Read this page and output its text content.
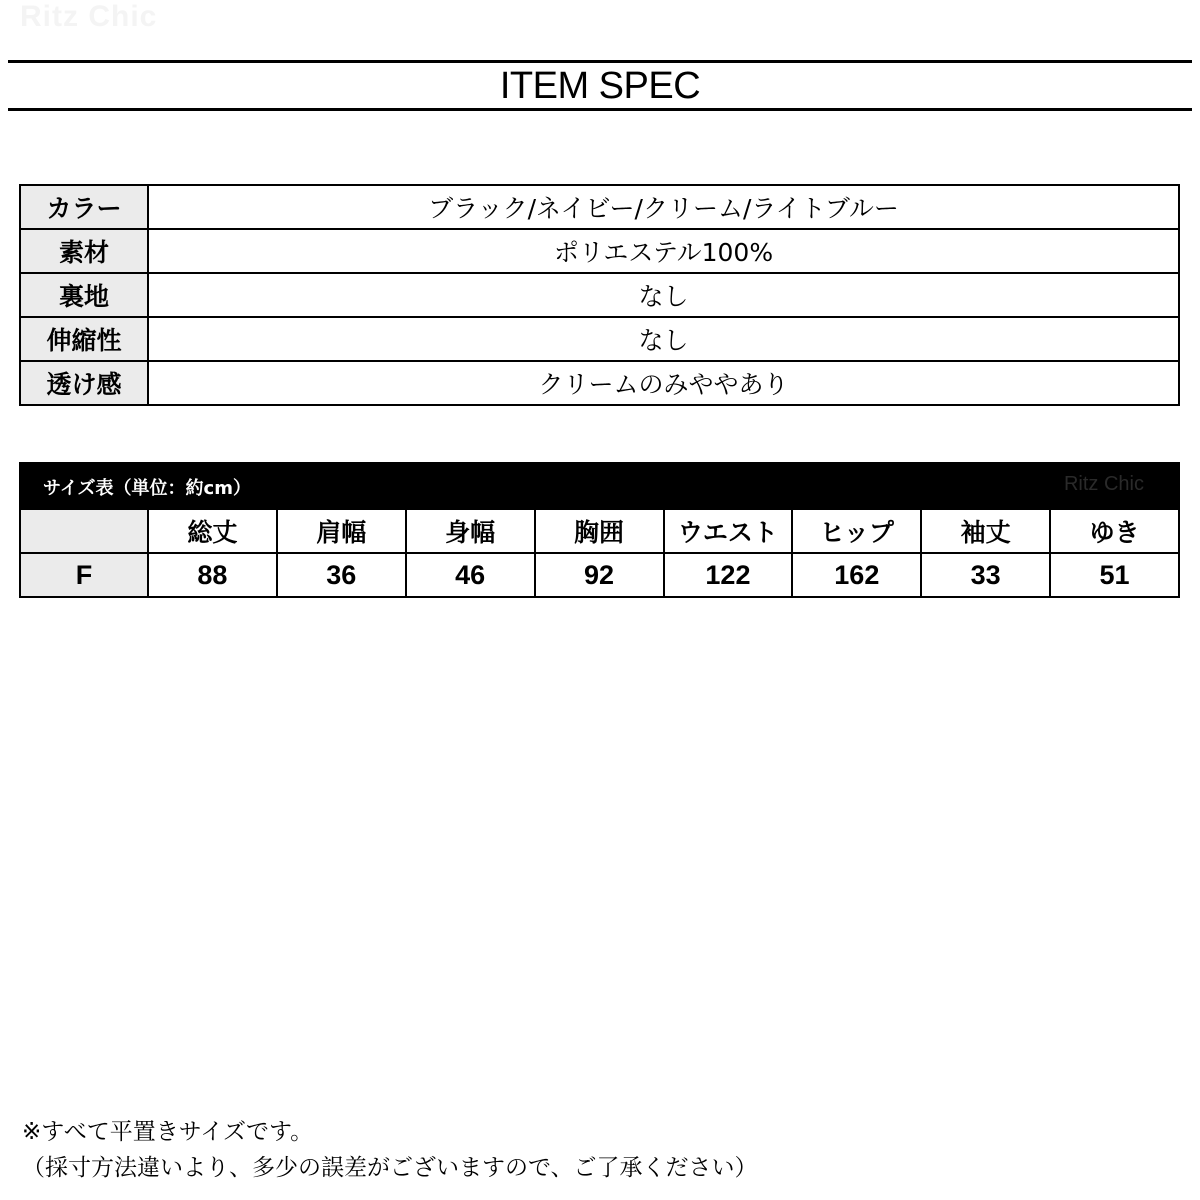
Ritz Chic
ITEM SPEC
カラー	ブラック/ネイビー/クリーム/ライトブルー
素材	ポリエステル100%
裏地	なし
伸縮性	なし
透け感	クリームのみややあり
サイズ表（単位：約cm）	Ritz Chic
	総丈	肩幅	身幅	胸囲	ウエスト	ヒップ	袖丈	ゆき
F	88	36	46	92	122	162	33	51
※すべて平置きサイズです。
（採寸方法違いより、多少の誤差がございますので、ご了承ください）
